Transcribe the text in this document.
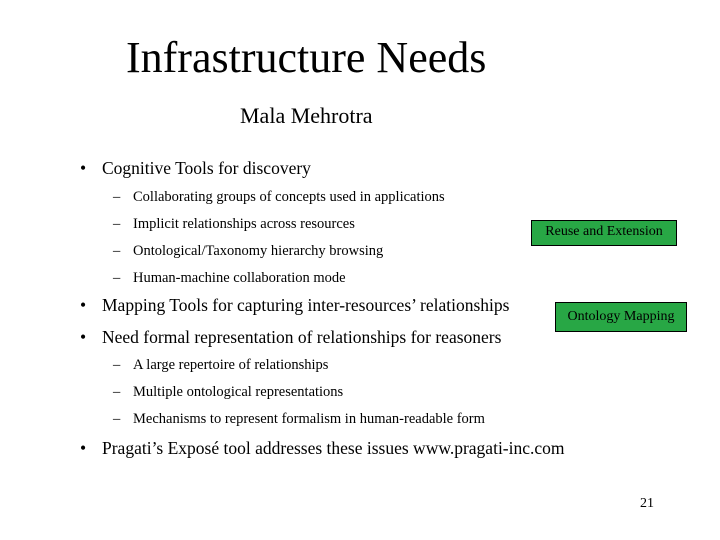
Infrastructure Needs
Mala Mehrotra
• Cognitive Tools for discovery
– Collaborating groups of concepts used in applications
– Implicit relationships across resources
– Ontological/Taxonomy hierarchy browsing
– Human-machine collaboration mode
• Mapping Tools for capturing inter-resources’ relationships
• Need formal representation of relationships for reasoners
– A large repertoire of relationships
– Multiple ontological representations
– Mechanisms to represent formalism in human-readable form
• Pragati’s Exposé tool addresses these issues www.pragati-inc.com
Reuse and Extension
Ontology Mapping
21
